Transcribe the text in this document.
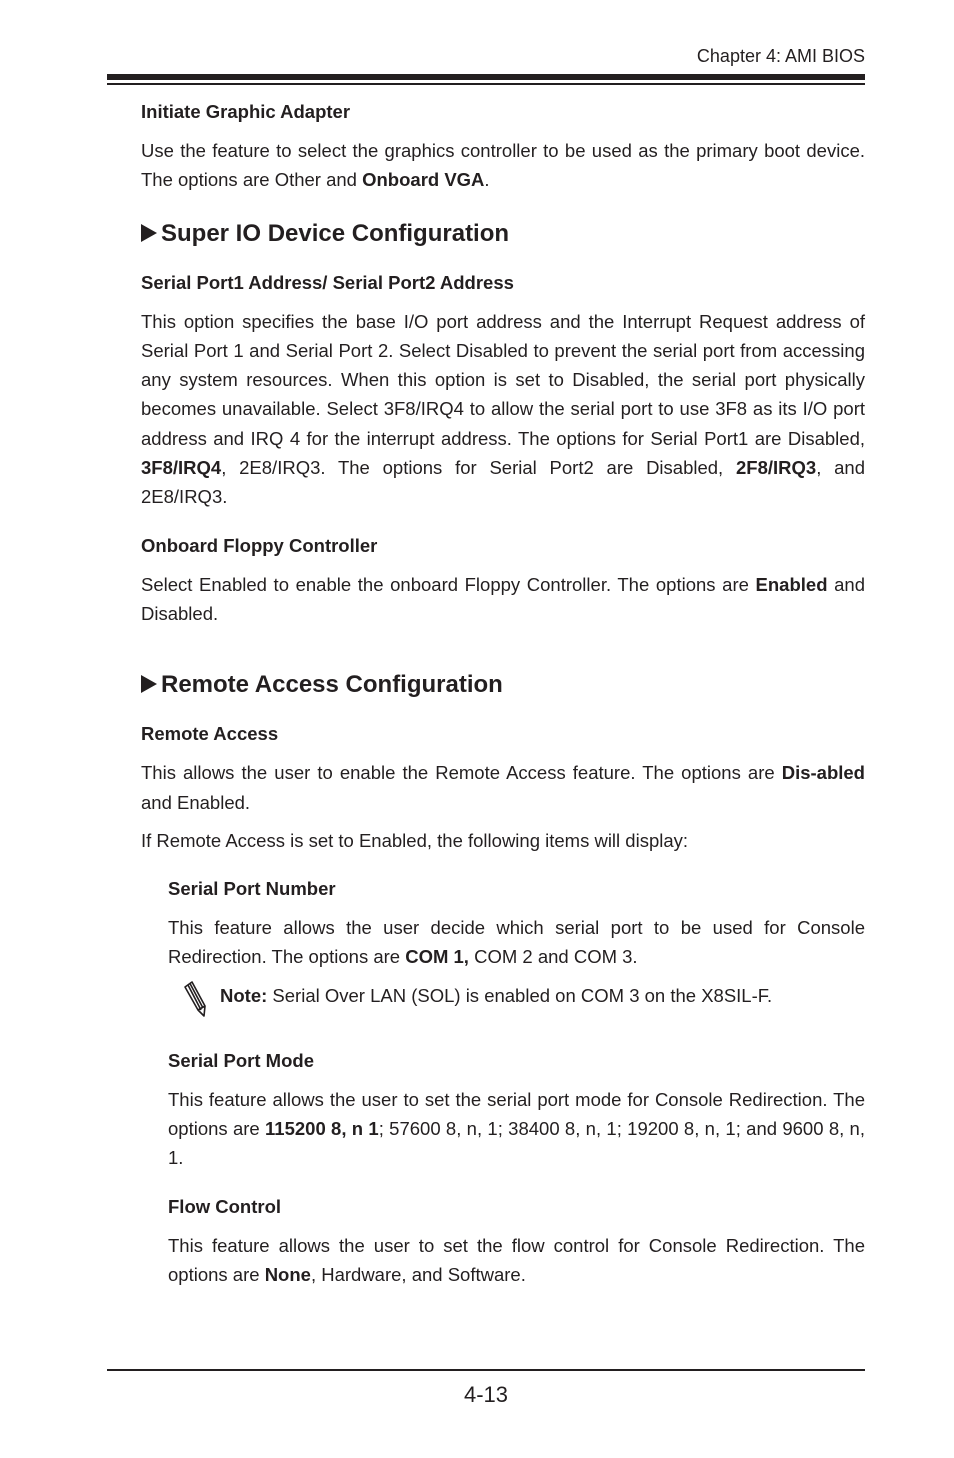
Chapter 4: AMI BIOS

Initiate Graphic Adapter

Use the feature to select the graphics controller to be used as the primary boot device. The options are Other and Onboard VGA.

Super IO Device Configuration

Serial Port1 Address/ Serial Port2 Address

This option specifies the base I/O port address and the Interrupt Request address of Serial Port 1 and Serial Port 2. Select Disabled to prevent the serial port from accessing any system resources. When this option is set to Disabled, the serial port physically becomes unavailable. Select 3F8/IRQ4 to allow the serial port to use 3F8 as its I/O port address and IRQ 4 for the interrupt address. The options for Serial Port1 are Disabled, 3F8/IRQ4, 2E8/IRQ3. The options for Serial Port2 are Disabled, 2F8/IRQ3, and 2E8/IRQ3.

Onboard Floppy Controller

Select Enabled to enable the onboard Floppy Controller. The options are Enabled and Disabled.

Remote Access Configuration

Remote Access

This allows the user to enable the Remote Access feature. The options are Dis-abled and Enabled.

If Remote Access is set to Enabled, the following items will display:

Serial Port Number

This feature allows the user decide which serial port to be used for Console Redirection. The options are COM 1, COM 2 and COM 3.

Note: Serial Over LAN (SOL) is enabled on COM 3 on the X8SIL-F.

Serial Port Mode

This feature allows the user to set the serial port mode for Console Redirection. The options are 115200 8, n 1; 57600 8, n, 1; 38400 8, n, 1; 19200 8, n, 1; and 9600 8, n, 1.

Flow Control

This feature allows the user to set the flow control for Console Redirection. The options are None, Hardware, and Software.

4-13
